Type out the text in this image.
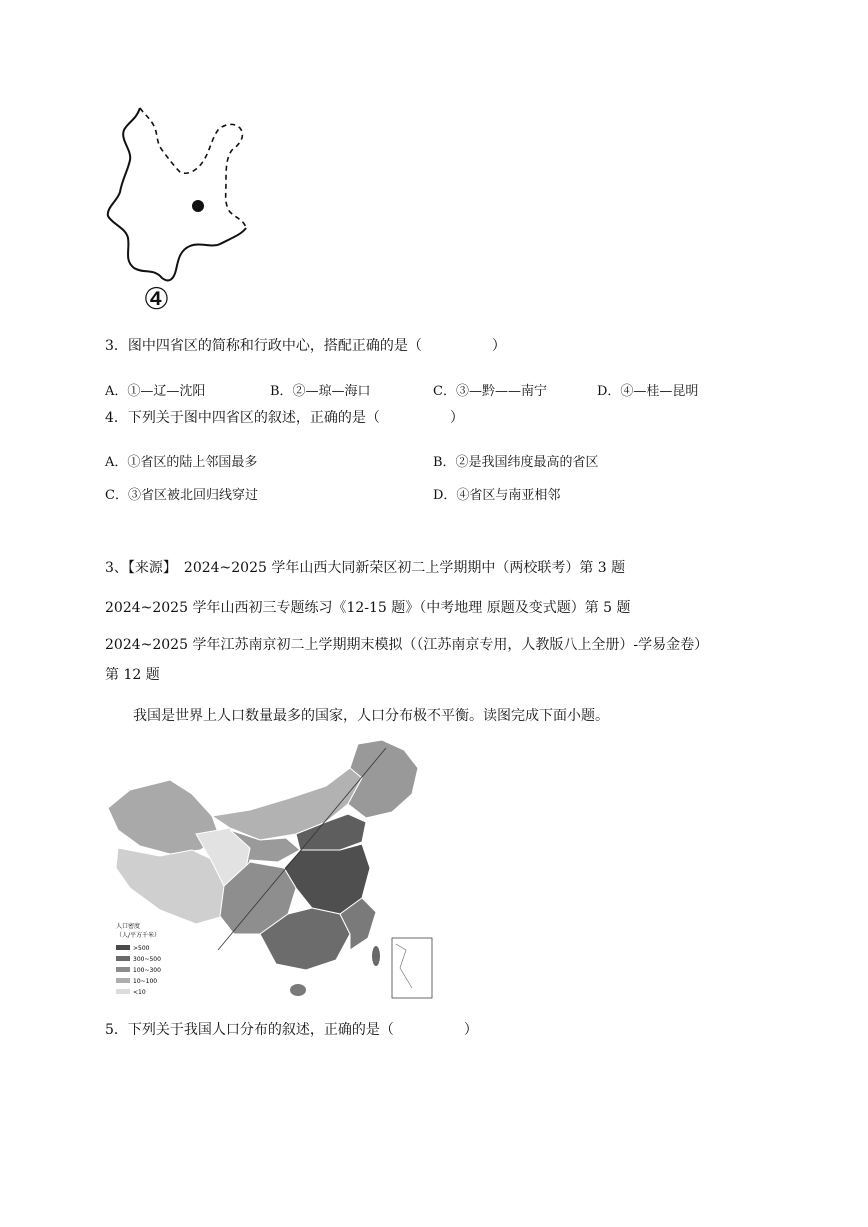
④
3．图中四省区的简称和行政中心，搭配正确的是（　　　　　）
A．①—辽—沈阳	B．②—琼—海口	C．③—黔——南宁	D．④—桂—昆明
4．下列关于图中四省区的叙述，正确的是（　　　　　）
A．①省区的陆上邻国最多	B．②是我国纬度最高的省区
C．③省区被北回归线穿过	D．④省区与南亚相邻
3、【来源】　2024~2025 学年山西大同新荣区初二上学期期中（两校联考）第 3 题
2024~2025 学年山西初三专题练习《12-15 题》（中考地理 原题及变式题）第 5 题
2024~2025 学年江苏南京初二上学期期末模拟（（江苏南京专用，人教版八上全册）-学易金卷）
第 12 题
我国是世界上人口数量最多的国家，人口分布极不平衡。读图完成下面小题。
人口密度
（人/平方千米）
>500
300~500
100~300
10~100
<10
5．下列关于我国人口分布的叙述，正确的是（　　　　　）
